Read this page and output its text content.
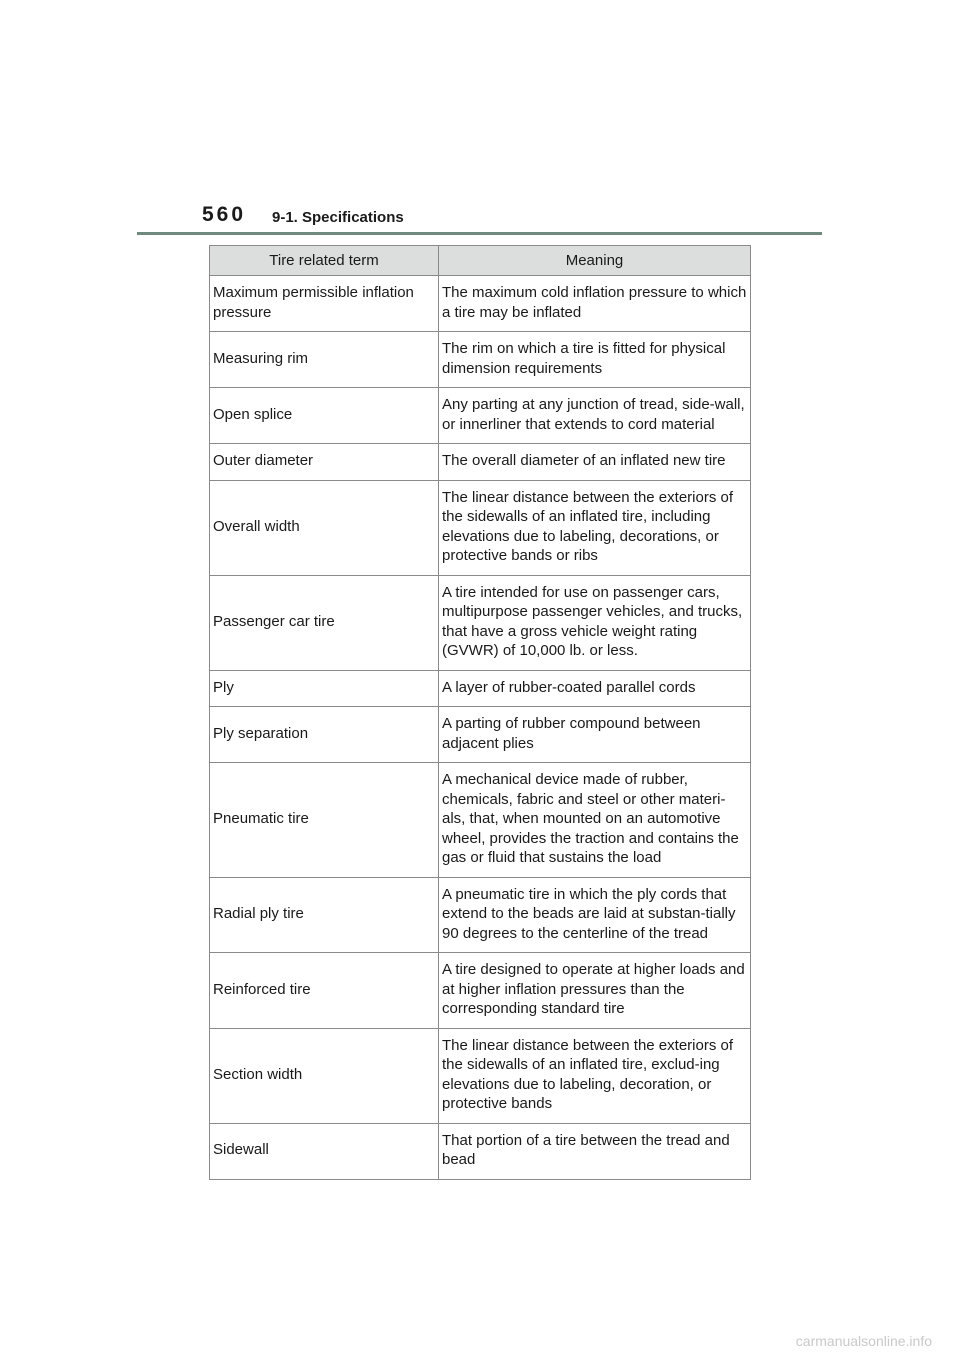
560 9-1. Specifications
Tire related term	Meaning
Maximum permissible inflation pressure	The maximum cold inflation pressure to which a tire may be inflated
Measuring rim	The rim on which a tire is fitted for physical dimension requirements
Open splice	Any parting at any junction of tread, side-wall, or innerliner that extends to cord material
Outer diameter	The overall diameter of an inflated new tire
Overall width	The linear distance between the exteriors of the sidewalls of an inflated tire, including elevations due to labeling, decorations, or protective bands or ribs
Passenger car tire	A tire intended for use on passenger cars, multipurpose passenger vehicles, and trucks, that have a gross vehicle weight rating (GVWR) of 10,000 lb. or less.
Ply	A layer of rubber-coated parallel cords
Ply separation	A parting of rubber compound between adjacent plies
Pneumatic tire	A mechanical device made of rubber, chemicals, fabric and steel or other materi-als, that, when mounted on an automotive wheel, provides the traction and contains the gas or fluid that sustains the load
Radial ply tire	A pneumatic tire in which the ply cords that extend to the beads are laid at substan-tially 90 degrees to the centerline of the tread
Reinforced tire	A tire designed to operate at higher loads and at higher inflation pressures than the corresponding standard tire
Section width	The linear distance between the exteriors of the sidewalls of an inflated tire, exclud-ing elevations due to labeling, decoration, or protective bands
Sidewall	That portion of a tire between the tread and bead
carmanualsonline.info
